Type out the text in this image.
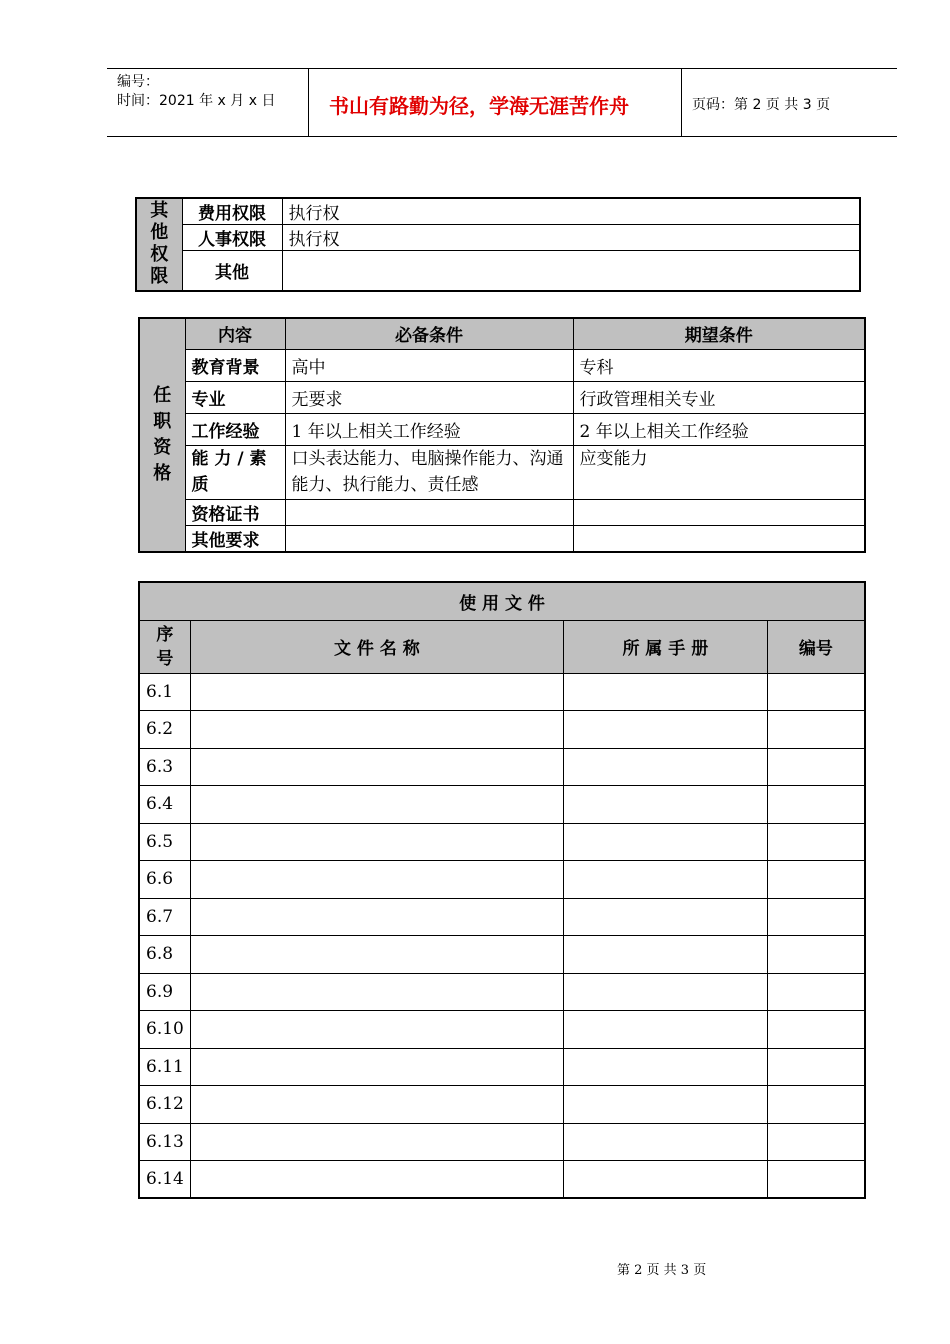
编号：
时间：2021 年 x 月 x 日	书山有路勤为径，学海无涯苦作舟	页码：第 2 页 共 3 页
其他权限	费用权限	执行权
	人事权限	执行权
	其他	
任职资格	内容	必备条件	期望条件
	教育背景	高中	专科
	专业	无要求	行政管理相关专业
	工作经验	1 年以上相关工作经验	2 年以上相关工作经验
	能 力 / 素 质	口头表达能力、电脑操作能力、沟通能力、执行能力、责任感	应变能力
	资格证书		
	其他要求		
使 用 文 件			
序号	文 件 名 称	所 属 手 册	编号
6.1			
6.2			
6.3			
6.4			
6.5			
6.6			
6.7			
6.8			
6.9			
6.10			
6.11			
6.12			
6.13			
6.14			
第 2 页 共 3 页
